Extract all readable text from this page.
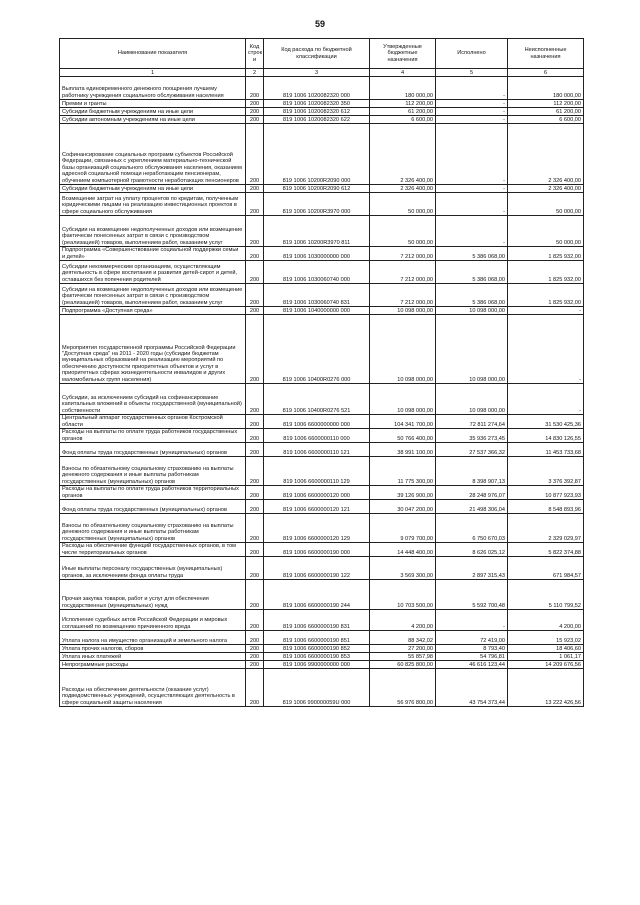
59
Наименование показателя	Код строк и	Код расхода по бюджетной классификации	Утвержденные бюджетные назначения	Исполнено	Неисполненные назначения
1	2	3	4	5	6
Выплата единовременного денежного поощрения лучшему работнику учреждения социального обслуживания населения	200	819 1006 1020082320 000	180 000,00	-	180 000,00
Премии и гранты	200	819 1006 1020082320 350	112 200,00	-	112 200,00
Субсидии бюджетным учреждениям на иные цели	200	819 1006 1020082320 612	61 200,00	-	61 200,00
Субсидии автономным учреждениям на иные цели	200	819 1006 1020082320 622	6 600,00	-	6 600,00
Софинансирование социальных программ субъектов Российской Федерации, связанных с укреплением материально-технической базы организаций социального обслуживания населения, оказанием адресной социальной помощи неработающим пенсионерам, обучением компьютерной грамотности неработающих пенсионеров	200	819 1006 10200R2090 000	2 326 400,00	-	2 326 400,00
Субсидии бюджетным учреждениям на иные цели	200	819 1006 10200R2090 612	2 326 400,00	-	2 326 400,00
Возмещение затрат на уплату процентов по кредитам, полученным юридическими лицами на реализацию инвестиционных проектов в сфере социального обслуживания	200	819 1006 10200R3970 000	50 000,00	-	50 000,00
Субсидии на возмещение недополученных доходов или возмещение фактически понесенных затрат в связи с производством (реализацией) товаров, выполнением работ, оказанием услуг	200	819 1006 10200R3970 811	50 000,00	-	50 000,00
Подпрограмма «Совершенствование социальной поддержки семьи и детей»	200	819 1006 1030000000 000	7 212 000,00	5 386 068,00	1 825 932,00
Субсидии некоммерческим организациям, осуществляющим деятельность в сфере воспитания и развития детей-сирот и детей, оставшихся без попечения родителей	200	819 1006 1030060740 000	7 212 000,00	5 386 068,00	1 825 932,00
Субсидии на возмещение недополученных доходов или возмещение фактически понесенных затрат в связи с производством (реализацией) товаров, выполнением работ, оказанием услуг	200	819 1006 1030060740 831	7 212 000,00	5 386 068,00	1 825 932,00
Подпрограмма «Доступная среда»	200	819 1006 1040000000 000	10 098 000,00	10 098 000,00	-
Мероприятия государственной программы Российской Федерации "Доступная среда" на 2011 - 2020 годы (субсидии бюджетам муниципальных образований на реализацию мероприятий по обеспечению доступности приоритетных объектов и услуг в приоритетных сферах жизнедеятельности инвалидов и других маломобильных групп населения)	200	819 1006 10400R0276 000	10 098 000,00	10 098 000,00	-
Субсидии, за исключением субсидий на софинансирование капитальных вложений в объекты государственной (муниципальной) собственности	200	819 1006 10400R0276 521	10 098 000,00	10 098 000,00	-
Центральный аппарат государственных органов Костромской области	200	819 1006 6600000000 000	104 341 700,00	72 811 274,64	31 530 425,36
Расходы на выплаты по оплате труда работников государственных органов	200	819 1006 6600000110 000	50 766 400,00	35 936 273,45	14 830 126,55
Фонд оплаты труда государственных (муниципальных) органов	200	819 1006 6600000110 121	38 991 100,00	27 537 366,32	11 453 733,68
Взносы по обязательному социальному страхованию на выплаты денежного содержания и иные выплаты работникам государственных (муниципальных) органов	200	819 1006 6600000110 129	11 775 300,00	8 398 907,13	3 376 392,87
Расходы на выплаты по оплате труда работников территориальных органов	200	819 1006 6600000120 000	39 126 900,00	28 248 976,07	10 877 923,93
Фонд оплаты труда государственных (муниципальных) органов	200	819 1006 6600000120 121	30 047 200,00	21 498 306,04	8 548 893,96
Взносы по обязательному социальному страхованию на выплаты денежного содержания и иные выплаты работникам государственных (муниципальных) органов	200	819 1006 6600000120 129	9 079 700,00	6 750 670,03	2 329 029,97
Расходы на обеспечение функций государственных органов, в том числе территориальных органов	200	819 1006 6600000190 000	14 448 400,00	8 626 025,12	5 822 374,88
Иные выплаты персоналу государственных (муниципальных) органов, за исключением фонда оплаты труда	200	819 1006 6600000190 122	3 569 300,00	2 897 315,43	671 984,57
Прочая закупка товаров, работ и услуг для обеспечения государственных (муниципальных) нужд	200	819 1006 6600000190 244	10 703 500,00	5 592 700,48	5 110 799,52
Исполнение судебных актов Российской Федерации и мировых соглашений по возмещению причиненного вреда	200	819 1006 6600000190 831	4 200,00	-	4 200,00
Уплата налога на имущество организаций и земельного налога	200	819 1006 6600000190 851	88 342,02	72 419,00	15 923,02
Уплата прочих налогов, сборов	200	819 1006 6600000190 852	27 200,00	8 793,40	18 406,60
Уплата иных платежей	200	819 1006 6600000190 853	55 857,98	54 796,81	1 061,17
Непрограммные расходы	200	819 1006 9900000000 000	60 825 800,00	46 616 123,44	14 209 676,56
Расходы на обеспечение деятельности (оказание услуг) подведомственных учреждений, осуществляющих деятельность в сфере социальной защиты населения	200	819 1006 990000059U 000	56 976 800,00	43 754 373,44	13 222 426,56
